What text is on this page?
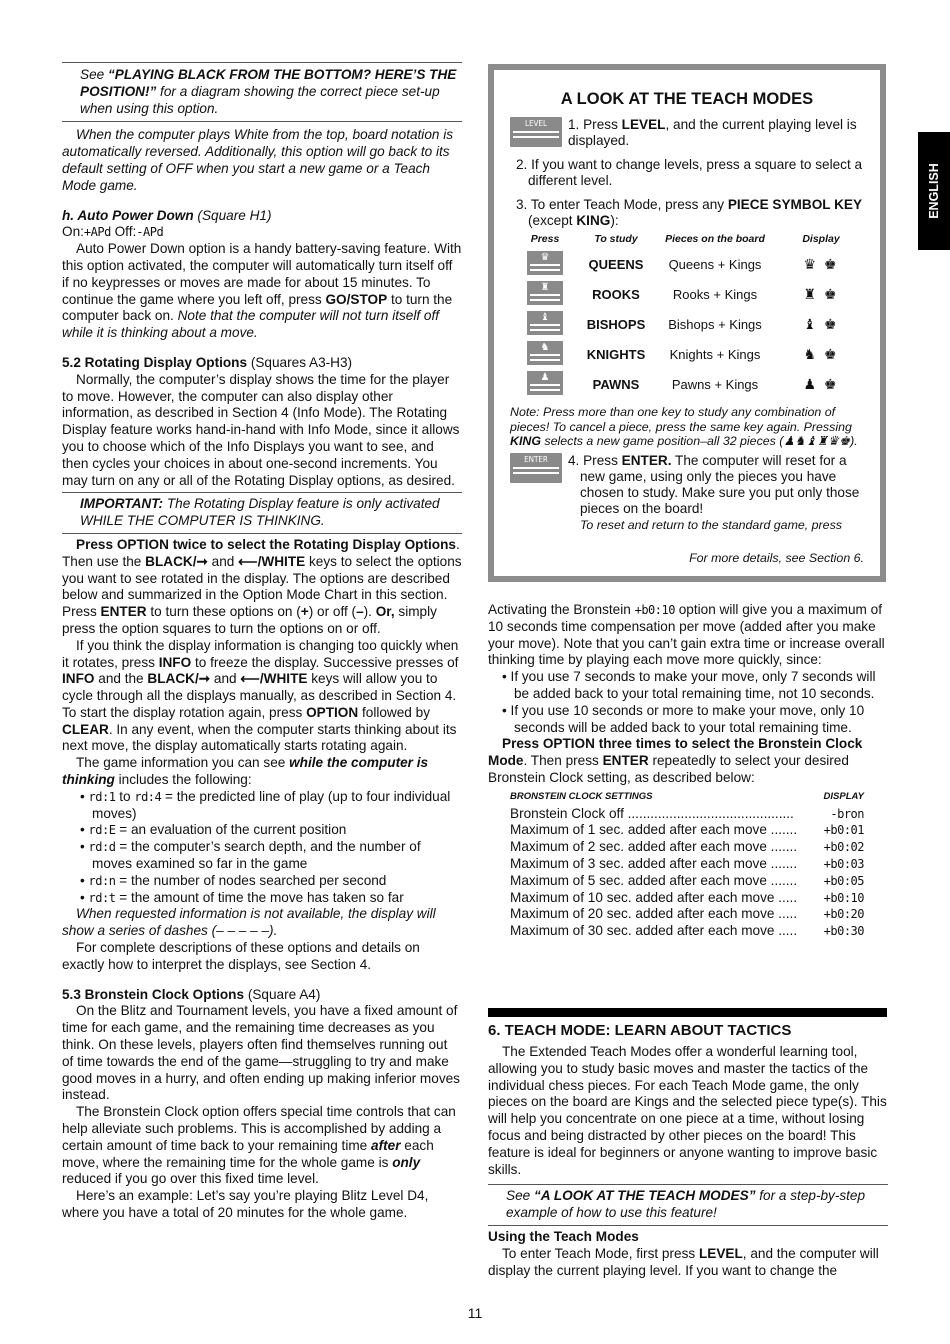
See “PLAYING BLACK FROM THE BOTTOM? HERE’S THE POSITION!” for a diagram showing the correct piece set-up when using this option.

When the computer plays White from the top, board notation is automatically reversed. Additionally, this option will go back to its default setting of OFF when you start a new game or a Teach Mode game.

h. Auto Power Down (Square H1)

On:+APd Off:-APd

Auto Power Down option is a handy battery-saving feature. With this option activated, the computer will automatically turn itself off if no keypresses or moves are made for about 15 minutes. To continue the game where you left off, press GO/STOP to turn the computer back on. Note that the computer will not turn itself off while it is thinking about a move.

5.2 Rotating Display Options (Squares A3-H3)

Normally, the computer’s display shows the time for the player to move. However, the computer can also display other information, as described in Section 4 (Info Mode). The Rotating Display feature works hand-in-hand with Info Mode, since it allows you to choose which of the Info Displays you want to see, and then cycles your choices in about one-second increments. You may turn on any or all of the Rotating Display options, as desired.

IMPORTANT: The Rotating Display feature is only activated WHILE THE COMPUTER IS THINKING.

Press OPTION twice to select the Rotating Display Options. Then use the BLACK/➞ and ⟵/WHITE keys to select the options you want to see rotated in the display. The options are described below and summarized in the Option Mode Chart in this section. Press ENTER to turn these options on (+) or off (–). Or, simply press the option squares to turn the options on or off.

If you think the display information is changing too quickly when it rotates, press INFO to freeze the display. Successive presses of INFO and the BLACK/➞ and ⟵/WHITE keys will allow you to cycle through all the displays manually, as described in Section 4. To start the display rotation again, press OPTION followed by CLEAR. In any event, when the computer starts thinking about its next move, the display automatically starts rotating again.

The game information you can see while the computer is thinking includes the following:

• rd:1 to rd:4 = the predicted line of play (up to four individual moves)

• rd:E = an evaluation of the current position

• rd:d = the computer’s search depth, and the number of moves examined so far in the game

• rd:n = the number of nodes searched per second

• rd:t = the amount of time the move has taken so far

When requested information is not available, the display will show a series of dashes (– – – – –).

For complete descriptions of these options and details on exactly how to interpret the displays, see Section 4.

5.3 Bronstein Clock Options (Square A4)

On the Blitz and Tournament levels, you have a fixed amount of time for each game, and the remaining time decreases as you think. On these levels, players often find themselves running out of time towards the end of the game—struggling to try and make good moves in a hurry, and often ending up making inferior moves instead.

The Bronstein Clock option offers special time controls that can help alleviate such problems. This is accomplished by adding a certain amount of time back to your remaining time after each move, where the remaining time for the whole game is only reduced if you go over this fixed time level.

Here’s an example: Let’s say you’re playing Blitz Level D4, where you have a total of 20 minutes for the whole game.

A LOOK AT THE TEACH MODES
LEVEL	1. Press LEVEL, and the current playing level is displayed.

2. If you want to change levels, press a square to select a different level.

3. To enter Teach Mode, press any PIECE SYMBOL KEY (except KING):

Press	To study	Pieces on the board	Display

♛	QUEENS	Queens + Kings	♛ ♚

♜	ROOKS	Rooks + Kings	♜ ♚

♝	BISHOPS	Bishops + Kings	♝ ♚

♞	KNIGHTS	Knights + Kings	♞ ♚

♟	PAWNS	Pawns + Kings	♟ ♚

Note: Press more than one key to study any combination of pieces! To cancel a piece, press the same key again. Pressing KING selects a new game position–all 32 pieces (♟♞♝♜♛♚).

ENTER	4. Press ENTER. The computer will reset for a new game, using only the pieces you have chosen to study. Make sure you put only those pieces on the board!
To reset and return to the standard game, press

For more details, see Section 6.

Activating the Bronstein +b0:10 option will give you a maximum of 10 seconds time compensation per move (added after you make your move). Note that you can’t gain extra time or increase overall thinking time by playing each move more quickly, since:

• If you use 7 seconds to make your move, only 7 seconds will be added back to your total remaining time, not 10 seconds.

• If you use 10 seconds or more to make your move, only 10 seconds will be added back to your total remaining time.

Press OPTION three times to select the Bronstein Clock Mode. Then press ENTER repeatedly to select your desired Bronstein Clock setting, as described below:

BRONSTEIN CLOCK SETTINGS	DISPLAY
Bronstein Clock off ............................................	-bron
Maximum of 1 sec. added after each move .......	+b0:01
Maximum of 2 sec. added after each move .......	+b0:02
Maximum of 3 sec. added after each move .......	+b0:03
Maximum of 5 sec. added after each move .......	+b0:05
Maximum of 10 sec. added after each move .....	+b0:10
Maximum of 20 sec. added after each move .....	+b0:20
Maximum of 30 sec. added after each move .....	+b0:30

6. TEACH MODE: LEARN ABOUT TACTICS

The Extended Teach Modes offer a wonderful learning tool, allowing you to study basic moves and master the tactics of the individual chess pieces. For each Teach Mode game, the only pieces on the board are Kings and the selected piece type(s). This will help you concentrate on one piece at a time, without losing focus and being distracted by other pieces on the board! This feature is ideal for beginners or anyone wanting to improve basic skills.

See “A LOOK AT THE TEACH MODES” for a step-by-step example of how to use this feature!

Using the Teach Modes

To enter Teach Mode, first press LEVEL, and the computer will display the current playing level. If you want to change the

ENGLISH
11
